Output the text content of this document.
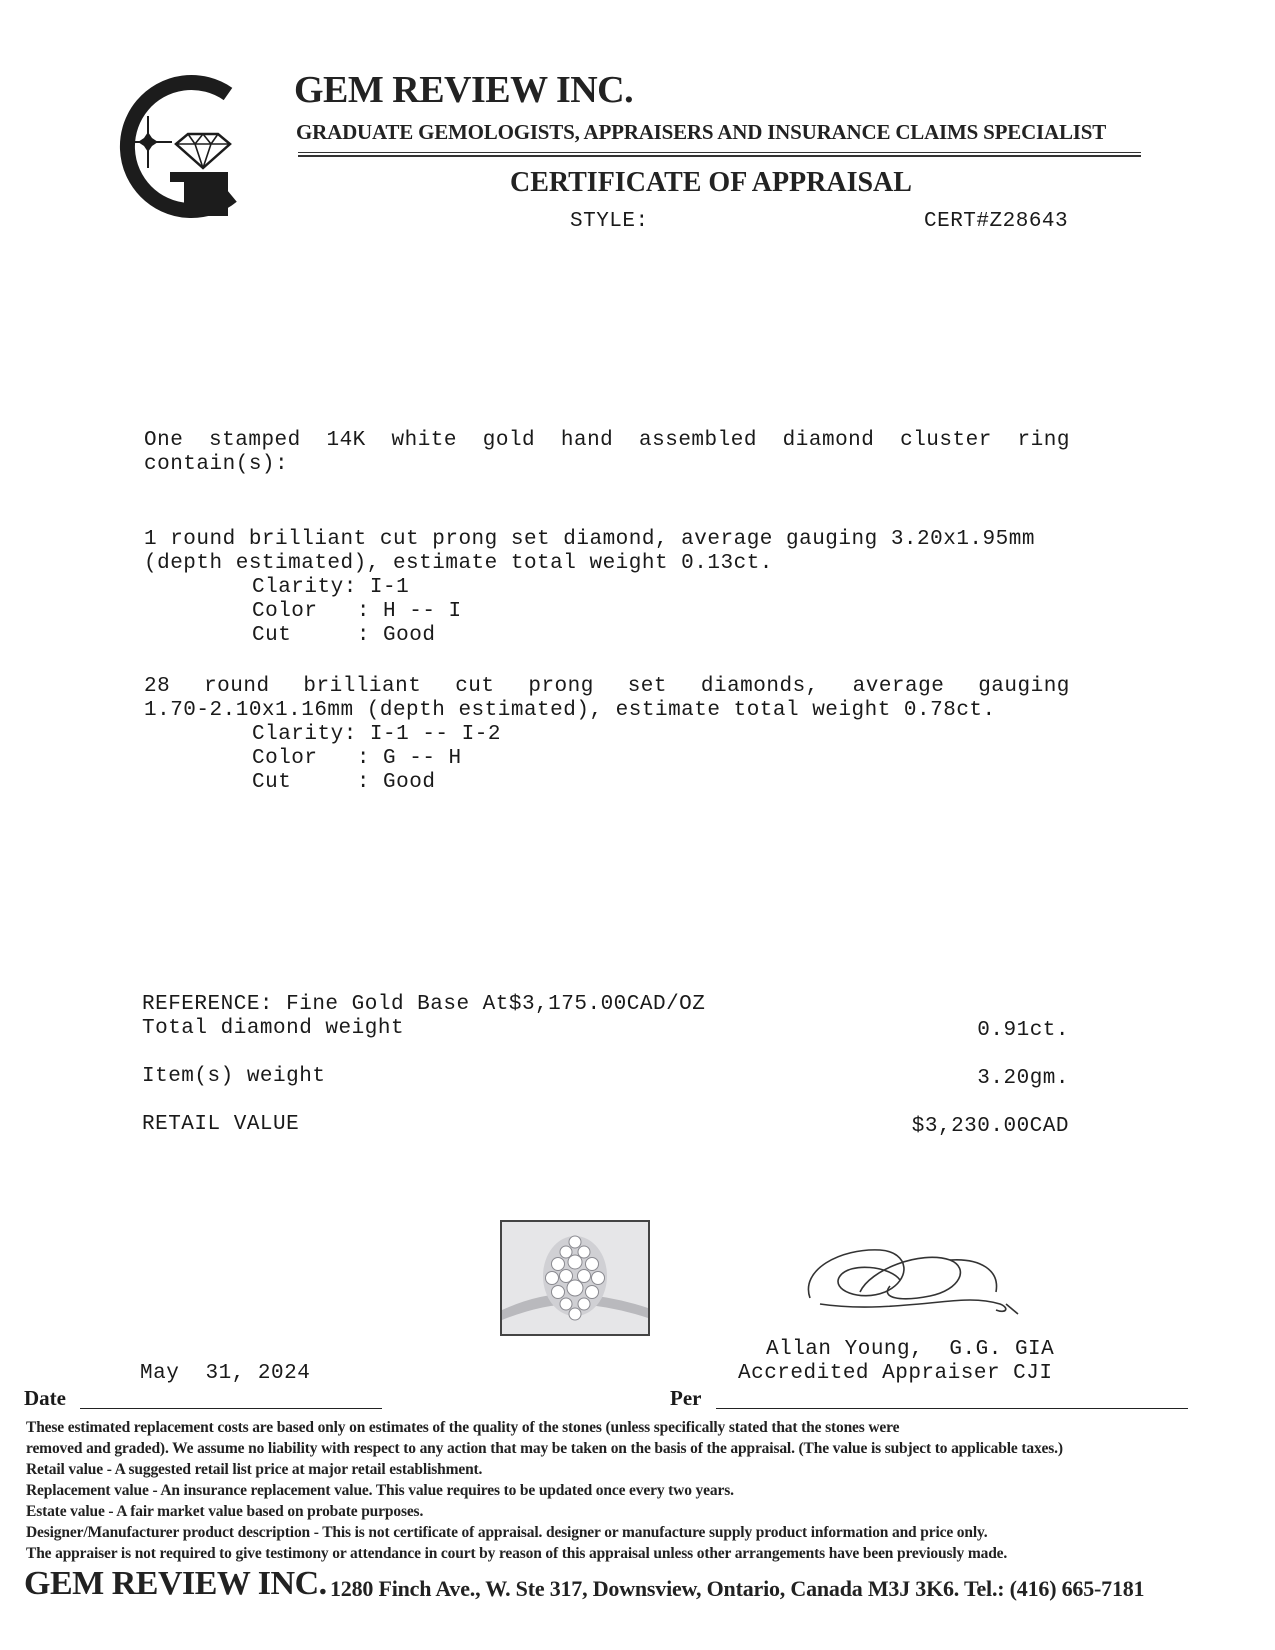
GEM REVIEW INC.
GRADUATE GEMOLOGISTS, APPRAISERS AND INSURANCE CLAIMS SPECIALIST
CERTIFICATE OF APPRAISAL
STYLE:	CERT#Z28643
One stamped 14K white gold hand assembled diamond cluster ring
contain(s):
1 round brilliant cut prong set diamond, average gauging 3.20x1.95mm
(depth estimated), estimate total weight 0.13ct.
Clarity: I-1
Color   : H -- I
Cut     : Good
28 round brilliant cut prong set diamonds, average gauging
1.70-2.10x1.16mm (depth estimated), estimate total weight 0.78ct.
Clarity: I-1 -- I-2
Color   : G -- H
Cut     : Good
REFERENCE: Fine Gold Base At$3,175.00CAD/OZ
Total diamond weight	0.91ct.
Item(s) weight	3.20gm.
RETAIL VALUE	$3,230.00CAD
Allan Young,  G.G. GIA
Accredited Appraiser CJI
May  31, 2024
Date	Per
These estimated replacement costs are based only on estimates of the quality of the stones (unless specifically stated that the stones were
removed and graded). We assume no liability with respect to any action that may be taken on the basis of the appraisal. (The value is subject to applicable taxes.)
Retail value - A suggested retail list price at major retail establishment.
Replacement value - An insurance replacement value. This value requires to be updated once every two years.
Estate value - A fair market value based on probate purposes.
Designer/Manufacturer product description - This is not certificate of appraisal. designer or manufacture supply product information and price only.
The appraiser is not required to give testimony or attendance in court by reason of this appraisal unless other arrangements have been previously made.
GEM REVIEW INC. 1280 Finch Ave., W. Ste 317, Downsview, Ontario, Canada M3J 3K6. Tel.: (416) 665-7181
